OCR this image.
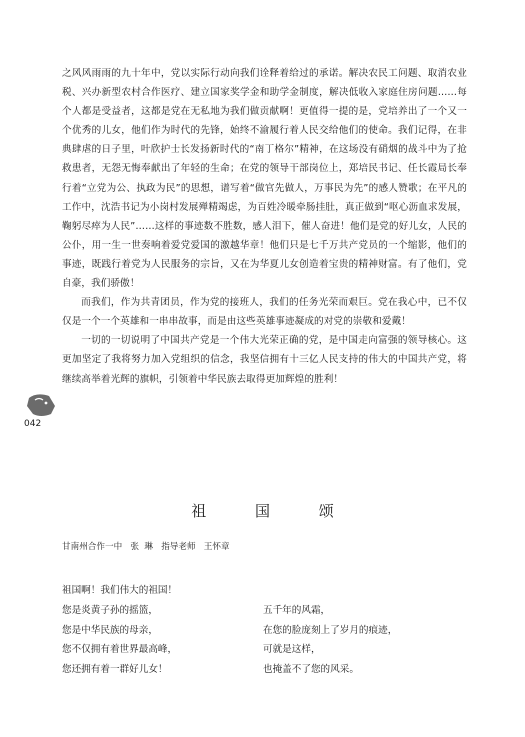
之风风雨雨的九十年中，党以实际行动向我们诠释着给过的承诺。解决农民工问题、取消农业税、兴办新型农村合作医疗、建立国家奖学金和助学金制度，解决低收入家庭住房问题……每个人都是受益者，这都是党在无私地为我们做贡献啊！更值得一提的是，党培养出了一个又一个优秀的儿女，他们作为时代的先锋，始终不渝履行着人民交给他们的使命。我们记得，在非典肆虐的日子里，叶欣护士长发扬新时代的“南丁格尔”精神，在这场没有硝烟的战斗中为了抢救患者，无怨无悔奉献出了年轻的生命；在党的领导干部岗位上，郑培民书记、任长霞局长奉行着“立党为公、执政为民”的思想，谱写着“做官先做人，万事民为先”的感人赞歌；在平凡的工作中，沈浩书记为小岗村发展殚精竭虑，为百姓冷暖牵肠挂肚，真正做到“呕心沥血求发展，鞠躬尽瘁为人民”……这样的事迹数不胜数，感人泪下，催人奋进！他们是党的好儿女，人民的公仆，用一生一世奏响着爱党爱国的激越华章！他们只是七千万共产党员的一个缩影，他们的事迹，既践行着党为人民服务的宗旨，又在为华夏儿女创造着宝贵的精神财富。有了他们，党自豪，我们骄傲！

而我们，作为共青团员，作为党的接班人，我们的任务光荣而艰巨。党在我心中，已不仅仅是一个一个英雄和一串串故事，而是由这些英雄事迹凝成的对党的崇敬和爱戴！

一切的一切说明了中国共产党是一个伟大光荣正确的党，是中国走向富强的领导核心。这更加坚定了我将努力加入党组织的信念，我坚信拥有十三亿人民支持的伟大的中国共产党，将继续高举着光辉的旗帜，引领着中华民族去取得更加辉煌的胜利！

042
祖 国 颂
甘南州合作一中   张  琳   指导老师   王怀章
祖国啊！我们伟大的祖国！
您是炎黄子孙的摇篮，
您是中华民族的母亲，
您不仅拥有着世界最高峰，
您还拥有着一群好儿女！
五千年的风霜，
在您的脸庞刻上了岁月的痕迹，
可就是这样，
也掩盖不了您的风采。
